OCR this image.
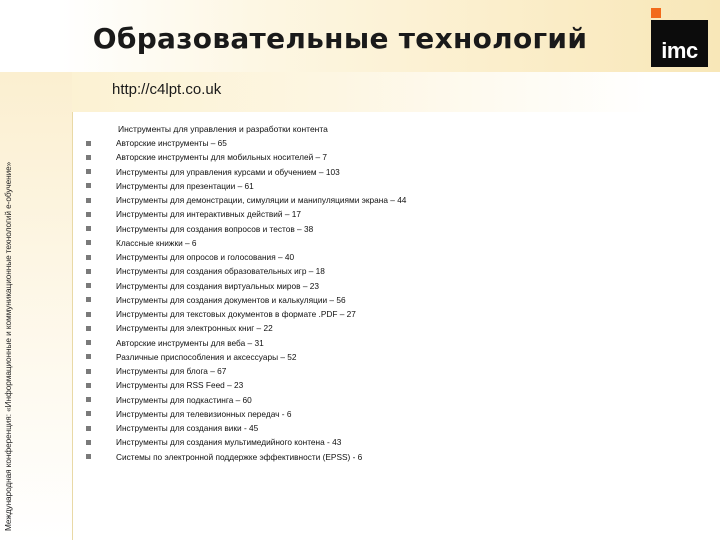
Образовательные технологий	imc
http://c4lpt.co.uk
Международная конференция: «Информационные и коммуникационные технологий e-обучение»
Инструменты для управления и разработки контента
Авторские инструменты – 65
Авторские инструменты для мобильных носителей – 7
Инструменты для управления курсами и обучением – 103
Инструменты для презентации – 61
Инструменты для демонстрации, симуляции и манипуляциями экрана – 44
Инструменты для интерактивных действий – 17
Инструменты для создания вопросов и тестов – 38
Классные книжки – 6
Инструменты для опросов и голосования – 40
Инструменты для создания образовательных игр – 18
Инструменты для создания виртуальных миров – 23
Инструменты для создания документов и калькуляции – 56
Инструменты для текстовых документов в формате .PDF – 27
Инструменты для электронных книг – 22
Авторские инструменты для веба – 31
Различные приспособления и аксессуары – 52
Инструменты для блога – 67
Инструменты для RSS Feed – 23
Инструменты для подкастинга – 60
Инструменты для телевизионных передач - 6
Инструменты для создания вики - 45
Инструменты для создания мультимедийного контена - 43
Системы по электронной поддержке эффективности (EPSS) - 6
